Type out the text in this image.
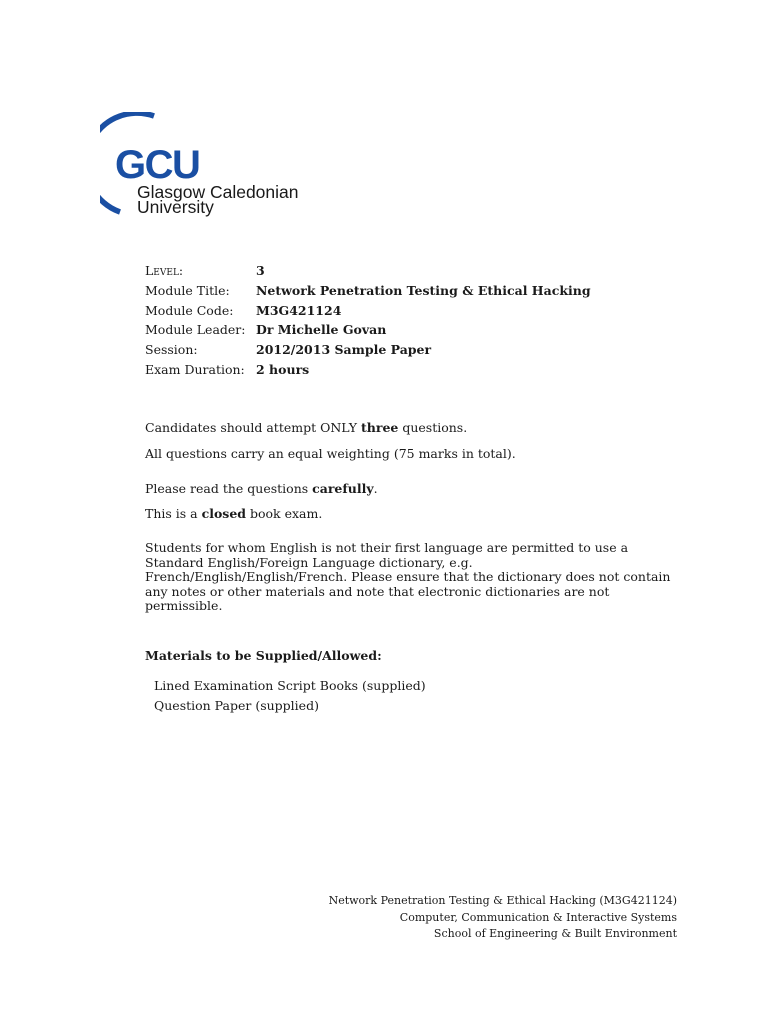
GCU
Glasgow Caledonian
University
Level:	3
Module Title:	Network Penetration Testing & Ethical Hacking
Module Code:	M3G421124
Module Leader: Dr Michelle Govan
Session:	2012/2013 Sample Paper
Exam Duration: 2 hours
Candidates should attempt ONLY three questions.
All questions carry an equal weighting (75 marks in total).
Please read the questions carefully.
This is a closed book exam.
Students for whom English is not their first language are permitted to use a Standard English/Foreign Language dictionary, e.g. French/English/English/French. Please ensure that the dictionary does not contain any notes or other materials and note that electronic dictionaries are not permissible.
Materials to be Supplied/Allowed:
Lined Examination Script Books (supplied)
Question Paper (supplied)
Network Penetration Testing & Ethical Hacking (M3G421124)
Computer, Communication & Interactive Systems
School of Engineering & Built Environment
